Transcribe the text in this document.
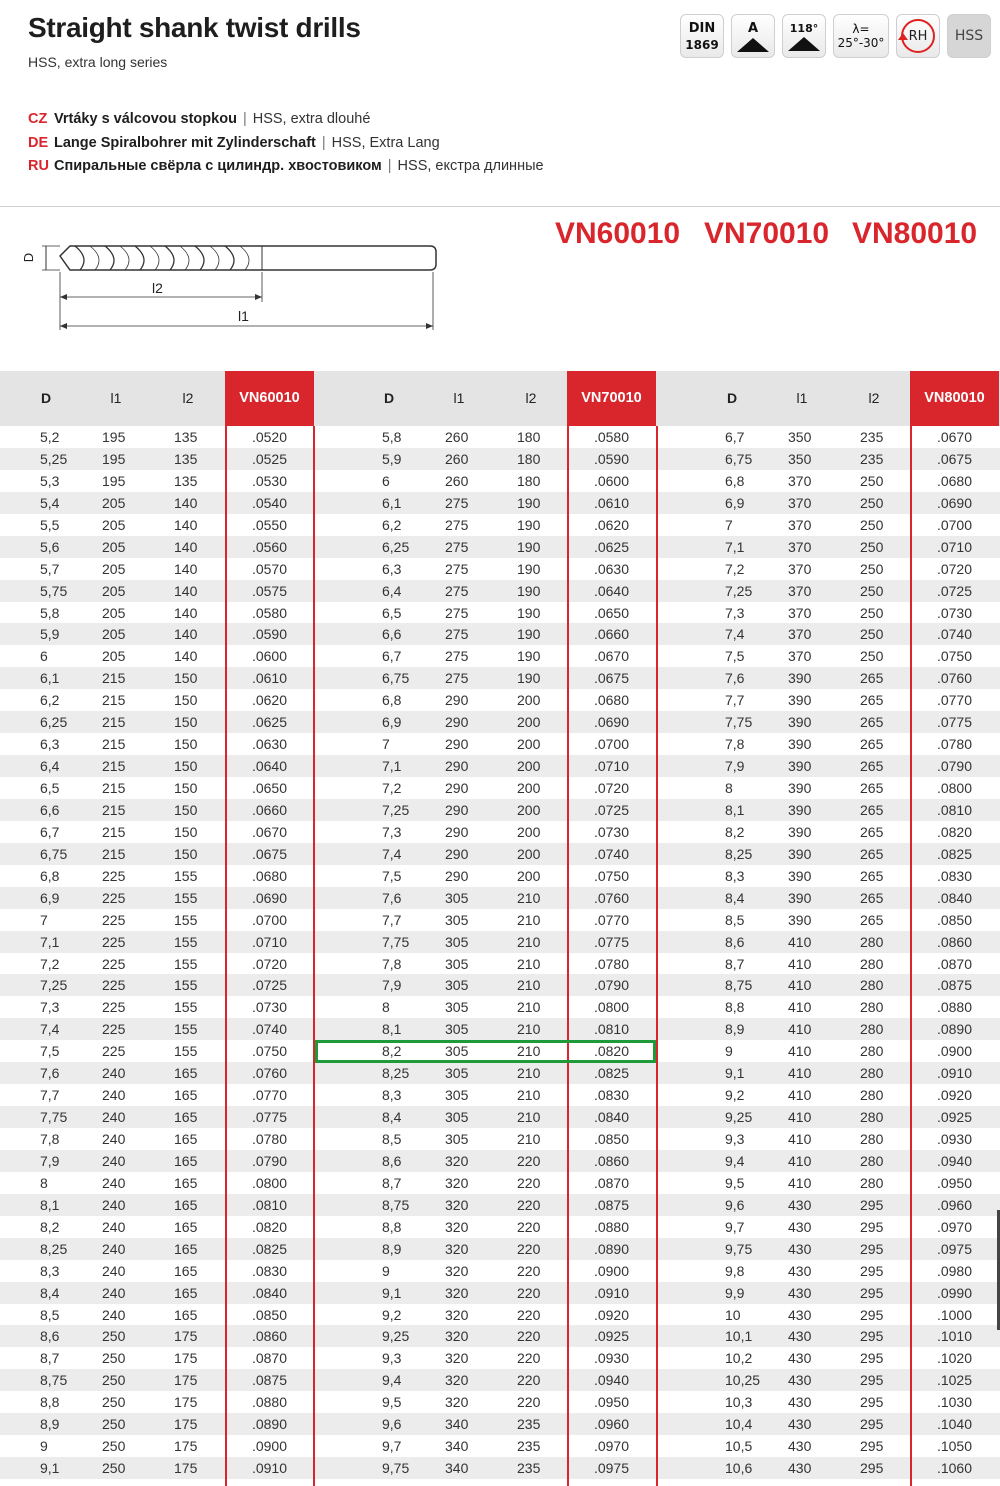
Straight shank twist drills
HSS, extra long series
DIN
1869
A	118°	λ=
25°-30° RH HSS
CZ Vrtáky s válcovou stopkou | HSS, extra dlouhé
DE Lange Spiralbohrer mit Zylinderschaft | HSS, Extra Lang
RU Спиральные свёрла с цилиндр. хвостовиком | HSS, екстра длинные
VN60010 VN70010 VN80010
D
l2
l1
D	l1	l2	VN60010	D	l1	l2	VN70010	D	l1	l2	VN80010
5,2	195	135	.0520	5,8	260	180	.0580	6,7	350	235	.0670
5,25	195	135	.0525	5,9	260	180	.0590	6,75	350	235	.0675
5,3	195	135	.0530	6	260	180	.0600	6,8	370	250	.0680
5,4	205	140	.0540	6,1	275	190	.0610	6,9	370	250	.0690
5,5	205	140	.0550	6,2	275	190	.0620	7	370	250	.0700
5,6	205	140	.0560	6,25	275	190	.0625	7,1	370	250	.0710
5,7	205	140	.0570	6,3	275	190	.0630	7,2	370	250	.0720
5,75	205	140	.0575	6,4	275	190	.0640	7,25	370	250	.0725
5,8	205	140	.0580	6,5	275	190	.0650	7,3	370	250	.0730
5,9	205	140	.0590	6,6	275	190	.0660	7,4	370	250	.0740
6	205	140	.0600	6,7	275	190	.0670	7,5	370	250	.0750
6,1	215	150	.0610	6,75	275	190	.0675	7,6	390	265	.0760
6,2	215	150	.0620	6,8	290	200	.0680	7,7	390	265	.0770
6,25	215	150	.0625	6,9	290	200	.0690	7,75	390	265	.0775
6,3	215	150	.0630	7	290	200	.0700	7,8	390	265	.0780
6,4	215	150	.0640	7,1	290	200	.0710	7,9	390	265	.0790
6,5	215	150	.0650	7,2	290	200	.0720	8	390	265	.0800
6,6	215	150	.0660	7,25	290	200	.0725	8,1	390	265	.0810
6,7	215	150	.0670	7,3	290	200	.0730	8,2	390	265	.0820
6,75	215	150	.0675	7,4	290	200	.0740	8,25	390	265	.0825
6,8	225	155	.0680	7,5	290	200	.0750	8,3	390	265	.0830
6,9	225	155	.0690	7,6	305	210	.0760	8,4	390	265	.0840
7	225	155	.0700	7,7	305	210	.0770	8,5	390	265	.0850
7,1	225	155	.0710	7,75	305	210	.0775	8,6	410	280	.0860
7,2	225	155	.0720	7,8	305	210	.0780	8,7	410	280	.0870
7,25	225	155	.0725	7,9	305	210	.0790	8,75	410	280	.0875
7,3	225	155	.0730	8	305	210	.0800	8,8	410	280	.0880
7,4	225	155	.0740	8,1	305	210	.0810	8,9	410	280	.0890
7,5	225	155	.0750	8,2	305	210	.0820	9	410	280	.0900
7,6	240	165	.0760	8,25	305	210	.0825	9,1	410	280	.0910
7,7	240	165	.0770	8,3	305	210	.0830	9,2	410	280	.0920
7,75	240	165	.0775	8,4	305	210	.0840	9,25	410	280	.0925
7,8	240	165	.0780	8,5	305	210	.0850	9,3	410	280	.0930
7,9	240	165	.0790	8,6	320	220	.0860	9,4	410	280	.0940
8	240	165	.0800	8,7	320	220	.0870	9,5	410	280	.0950
8,1	240	165	.0810	8,75	320	220	.0875	9,6	430	295	.0960
8,2	240	165	.0820	8,8	320	220	.0880	9,7	430	295	.0970
8,25	240	165	.0825	8,9	320	220	.0890	9,75	430	295	.0975
8,3	240	165	.0830	9	320	220	.0900	9,8	430	295	.0980
8,4	240	165	.0840	9,1	320	220	.0910	9,9	430	295	.0990
8,5	240	165	.0850	9,2	320	220	.0920	10	430	295	.1000
8,6	250	175	.0860	9,25	320	220	.0925	10,1	430	295	.1010
8,7	250	175	.0870	9,3	320	220	.0930	10,2	430	295	.1020
8,75	250	175	.0875	9,4	320	220	.0940	10,25	430	295	.1025
8,8	250	175	.0880	9,5	320	220	.0950	10,3	430	295	.1030
8,9	250	175	.0890	9,6	340	235	.0960	10,4	430	295	.1040
9	250	175	.0900	9,7	340	235	.0970	10,5	430	295	.1050
9,1	250	175	.0910	9,75	340	235	.0975	10,6	430	295	.1060
